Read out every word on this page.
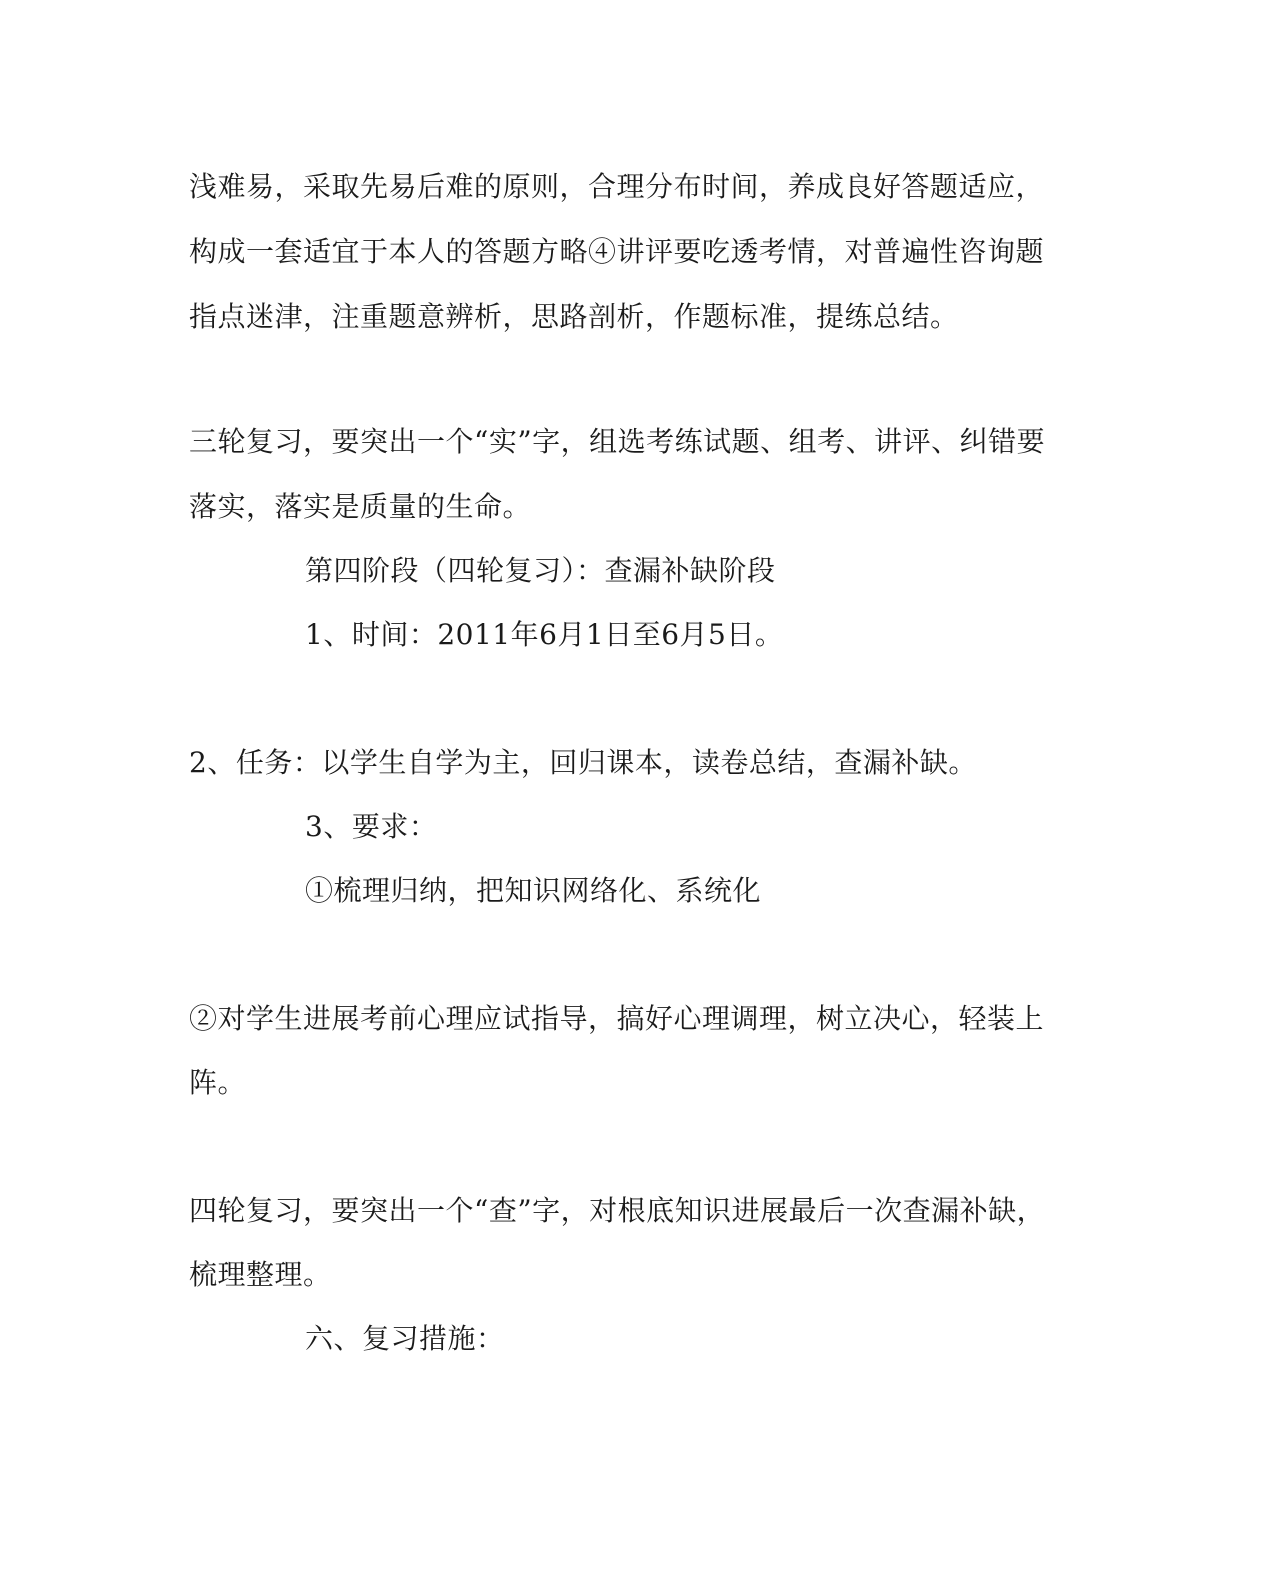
浅难易，采取先易后难的原则，合理分布时间，养成良好答题适应，
构成一套适宜于本人的答题方略④讲评要吃透考情，对普遍性咨询题
指点迷津，注重题意辨析，思路剖析，作题标准，提练总结。
三轮复习，要突出一个“实”字，组选考练试题、组考、讲评、纠错要
落实，落实是质量的生命。
第四阶段（四轮复习）：查漏补缺阶段
1、时间：2011年6月1日至6月5日。
2、任务：以学生自学为主，回归课本，读卷总结，查漏补缺。
3、要求：
①梳理归纳，把知识网络化、系统化
②对学生进展考前心理应试指导，搞好心理调理，树立决心，轻装上
阵。
四轮复习，要突出一个“查”字，对根底知识进展最后一次查漏补缺，
梳理整理。
六、复习措施：
